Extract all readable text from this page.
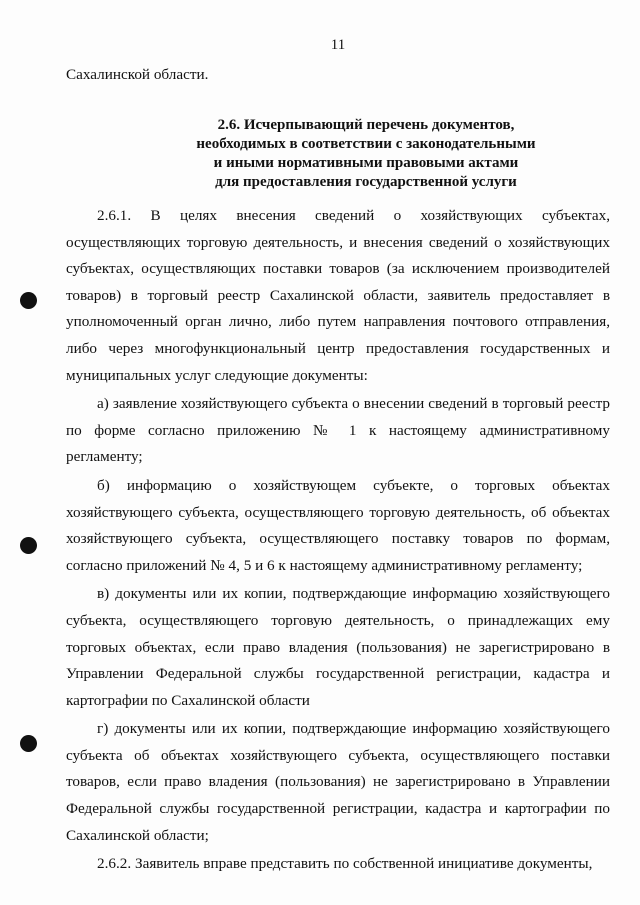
11
Сахалинской области.
2.6. Исчерпывающий перечень документов,
необходимых в соответствии с законодательными
и иными нормативными правовыми актами
для предоставления государственной услуги

2.6.1. В целях внесения сведений о хозяйствующих субъектах, осуществляющих торговую деятельность, и внесения сведений о хозяйствующих субъектах, осуществляющих поставки товаров (за исключением производителей товаров) в торговый реестр Сахалинской области, заявитель предоставляет в уполномоченный орган лично, либо путем направления почтового отправления, либо через многофункциональный центр предоставления государственных и муниципальных услуг следующие документы:

а) заявление хозяйствующего субъекта о внесении сведений в торговый реестр по форме согласно приложению № 1 к настоящему административному регламенту;

б) информацию о хозяйствующем субъекте, о торговых объектах хозяйствующего субъекта, осуществляющего торговую деятельность, об объектах хозяйствующего субъекта, осуществляющего поставку товаров по формам, согласно приложений № 4, 5 и 6 к настоящему административному регламенту;

в) документы или их копии, подтверждающие информацию хозяйствующего субъекта, осуществляющего торговую деятельность, о принадлежащих ему торговых объектах, если право владения (пользования) не зарегистрировано в Управлении Федеральной службы государственной регистрации, кадастра и картографии по Сахалинской области

г) документы или их копии, подтверждающие информацию хозяйствующего субъекта об объектах хозяйствующего субъекта, осуществляющего поставки товаров, если право владения (пользования) не зарегистрировано в Управлении Федеральной службы государственной регистрации, кадастра и картографии по Сахалинской области;

2.6.2. Заявитель вправе представить по собственной инициативе документы,
